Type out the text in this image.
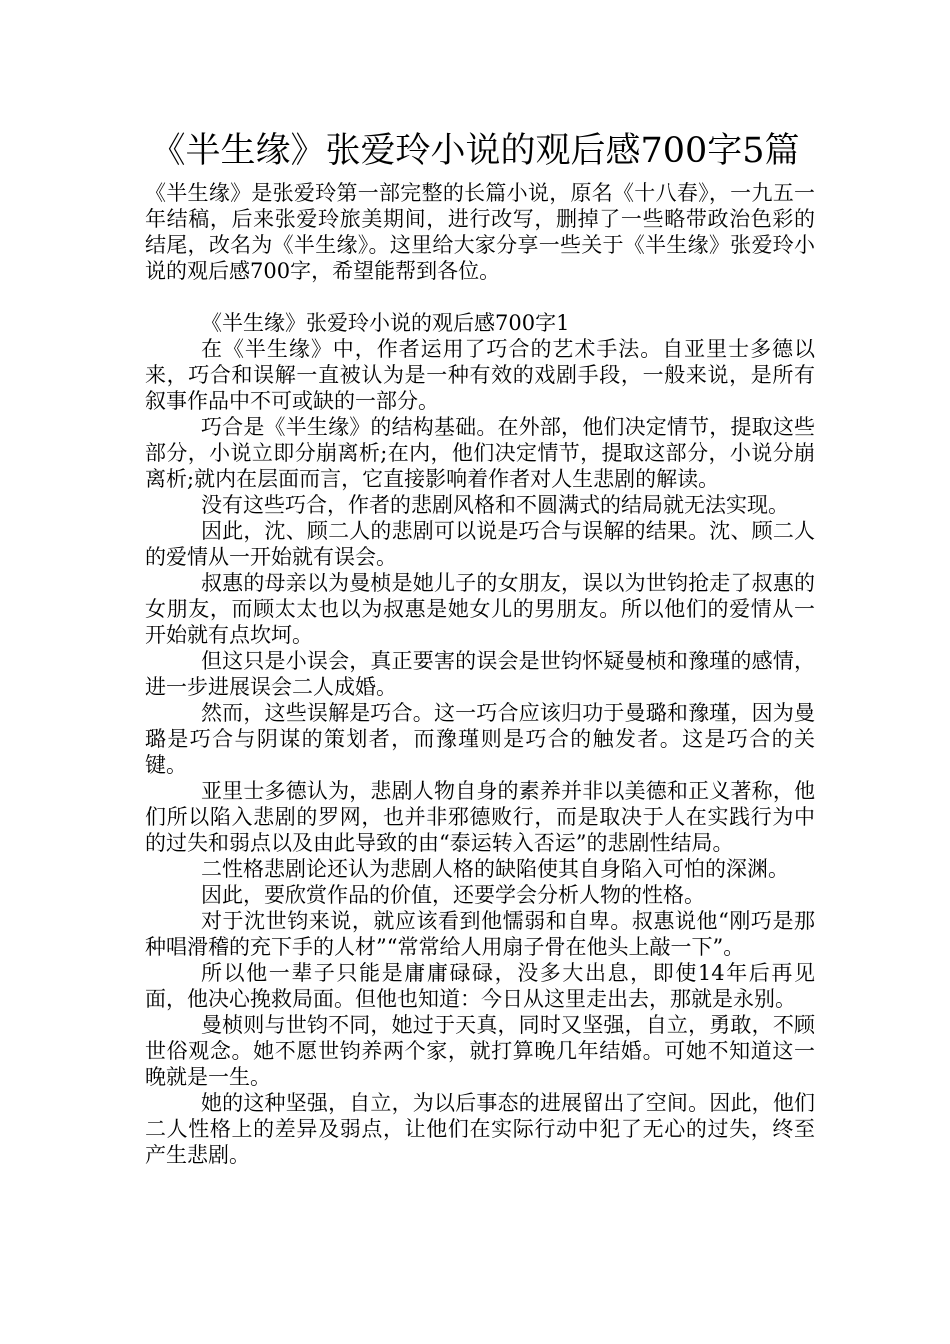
《半生缘》张爱玲小说的观后感700字5篇

《半生缘》是张爱玲第一部完整的长篇小说，原名《十八春》，一九五一年结稿，后来张爱玲旅美期间，进行改写，删掉了一些略带政治色彩的结尾，改名为《半生缘》。这里给大家分享一些关于《半生缘》张爱玲小说的观后感700字，希望能帮到各位。

《半生缘》张爱玲小说的观后感700字1

在《半生缘》中，作者运用了巧合的艺术手法。自亚里士多德以来，巧合和误解一直被认为是一种有效的戏剧手段，一般来说，是所有叙事作品中不可或缺的一部分。

巧合是《半生缘》的结构基础。在外部，他们决定情节，提取这些部分，小说立即分崩离析;在内，他们决定情节，提取这部分，小说分崩离析;就内在层面而言，它直接影响着作者对人生悲剧的解读。

没有这些巧合，作者的悲剧风格和不圆满式的结局就无法实现。

因此，沈、顾二人的悲剧可以说是巧合与误解的结果。沈、顾二人的爱情从一开始就有误会。

叔惠的母亲以为曼桢是她儿子的女朋友，误以为世钧抢走了叔惠的女朋友，而顾太太也以为叔惠是她女儿的男朋友。所以他们的爱情从一开始就有点坎坷。

但这只是小误会，真正要害的误会是世钧怀疑曼桢和豫瑾的感情，进一步进展误会二人成婚。

然而，这些误解是巧合。这一巧合应该归功于曼璐和豫瑾，因为曼璐是巧合与阴谋的策划者，而豫瑾则是巧合的触发者。这是巧合的关键。

亚里士多德认为，悲剧人物自身的素养并非以美德和正义著称，他们所以陷入悲剧的罗网，也并非邪德败行，而是取决于人在实践行为中的过失和弱点以及由此导致的由“泰运转入否运”的悲剧性结局。

二性格悲剧论还认为悲剧人格的缺陷使其自身陷入可怕的深渊。

因此，要欣赏作品的价值，还要学会分析人物的性格。

对于沈世钧来说，就应该看到他懦弱和自卑。叔惠说他“刚巧是那种唱滑稽的充下手的人材”“常常给人用扇子骨在他头上敲一下”。

所以他一辈子只能是庸庸碌碌，没多大出息，即使14年后再见面，他决心挽救局面。但他也知道：今日从这里走出去，那就是永别。

曼桢则与世钧不同，她过于天真，同时又坚强，自立，勇敢，不顾世俗观念。她不愿世钧养两个家，就打算晚几年结婚。可她不知道这一晚就是一生。

她的这种坚强，自立，为以后事态的进展留出了空间。因此，他们二人性格上的差异及弱点，让他们在实际行动中犯了无心的过失，终至产生悲剧。
